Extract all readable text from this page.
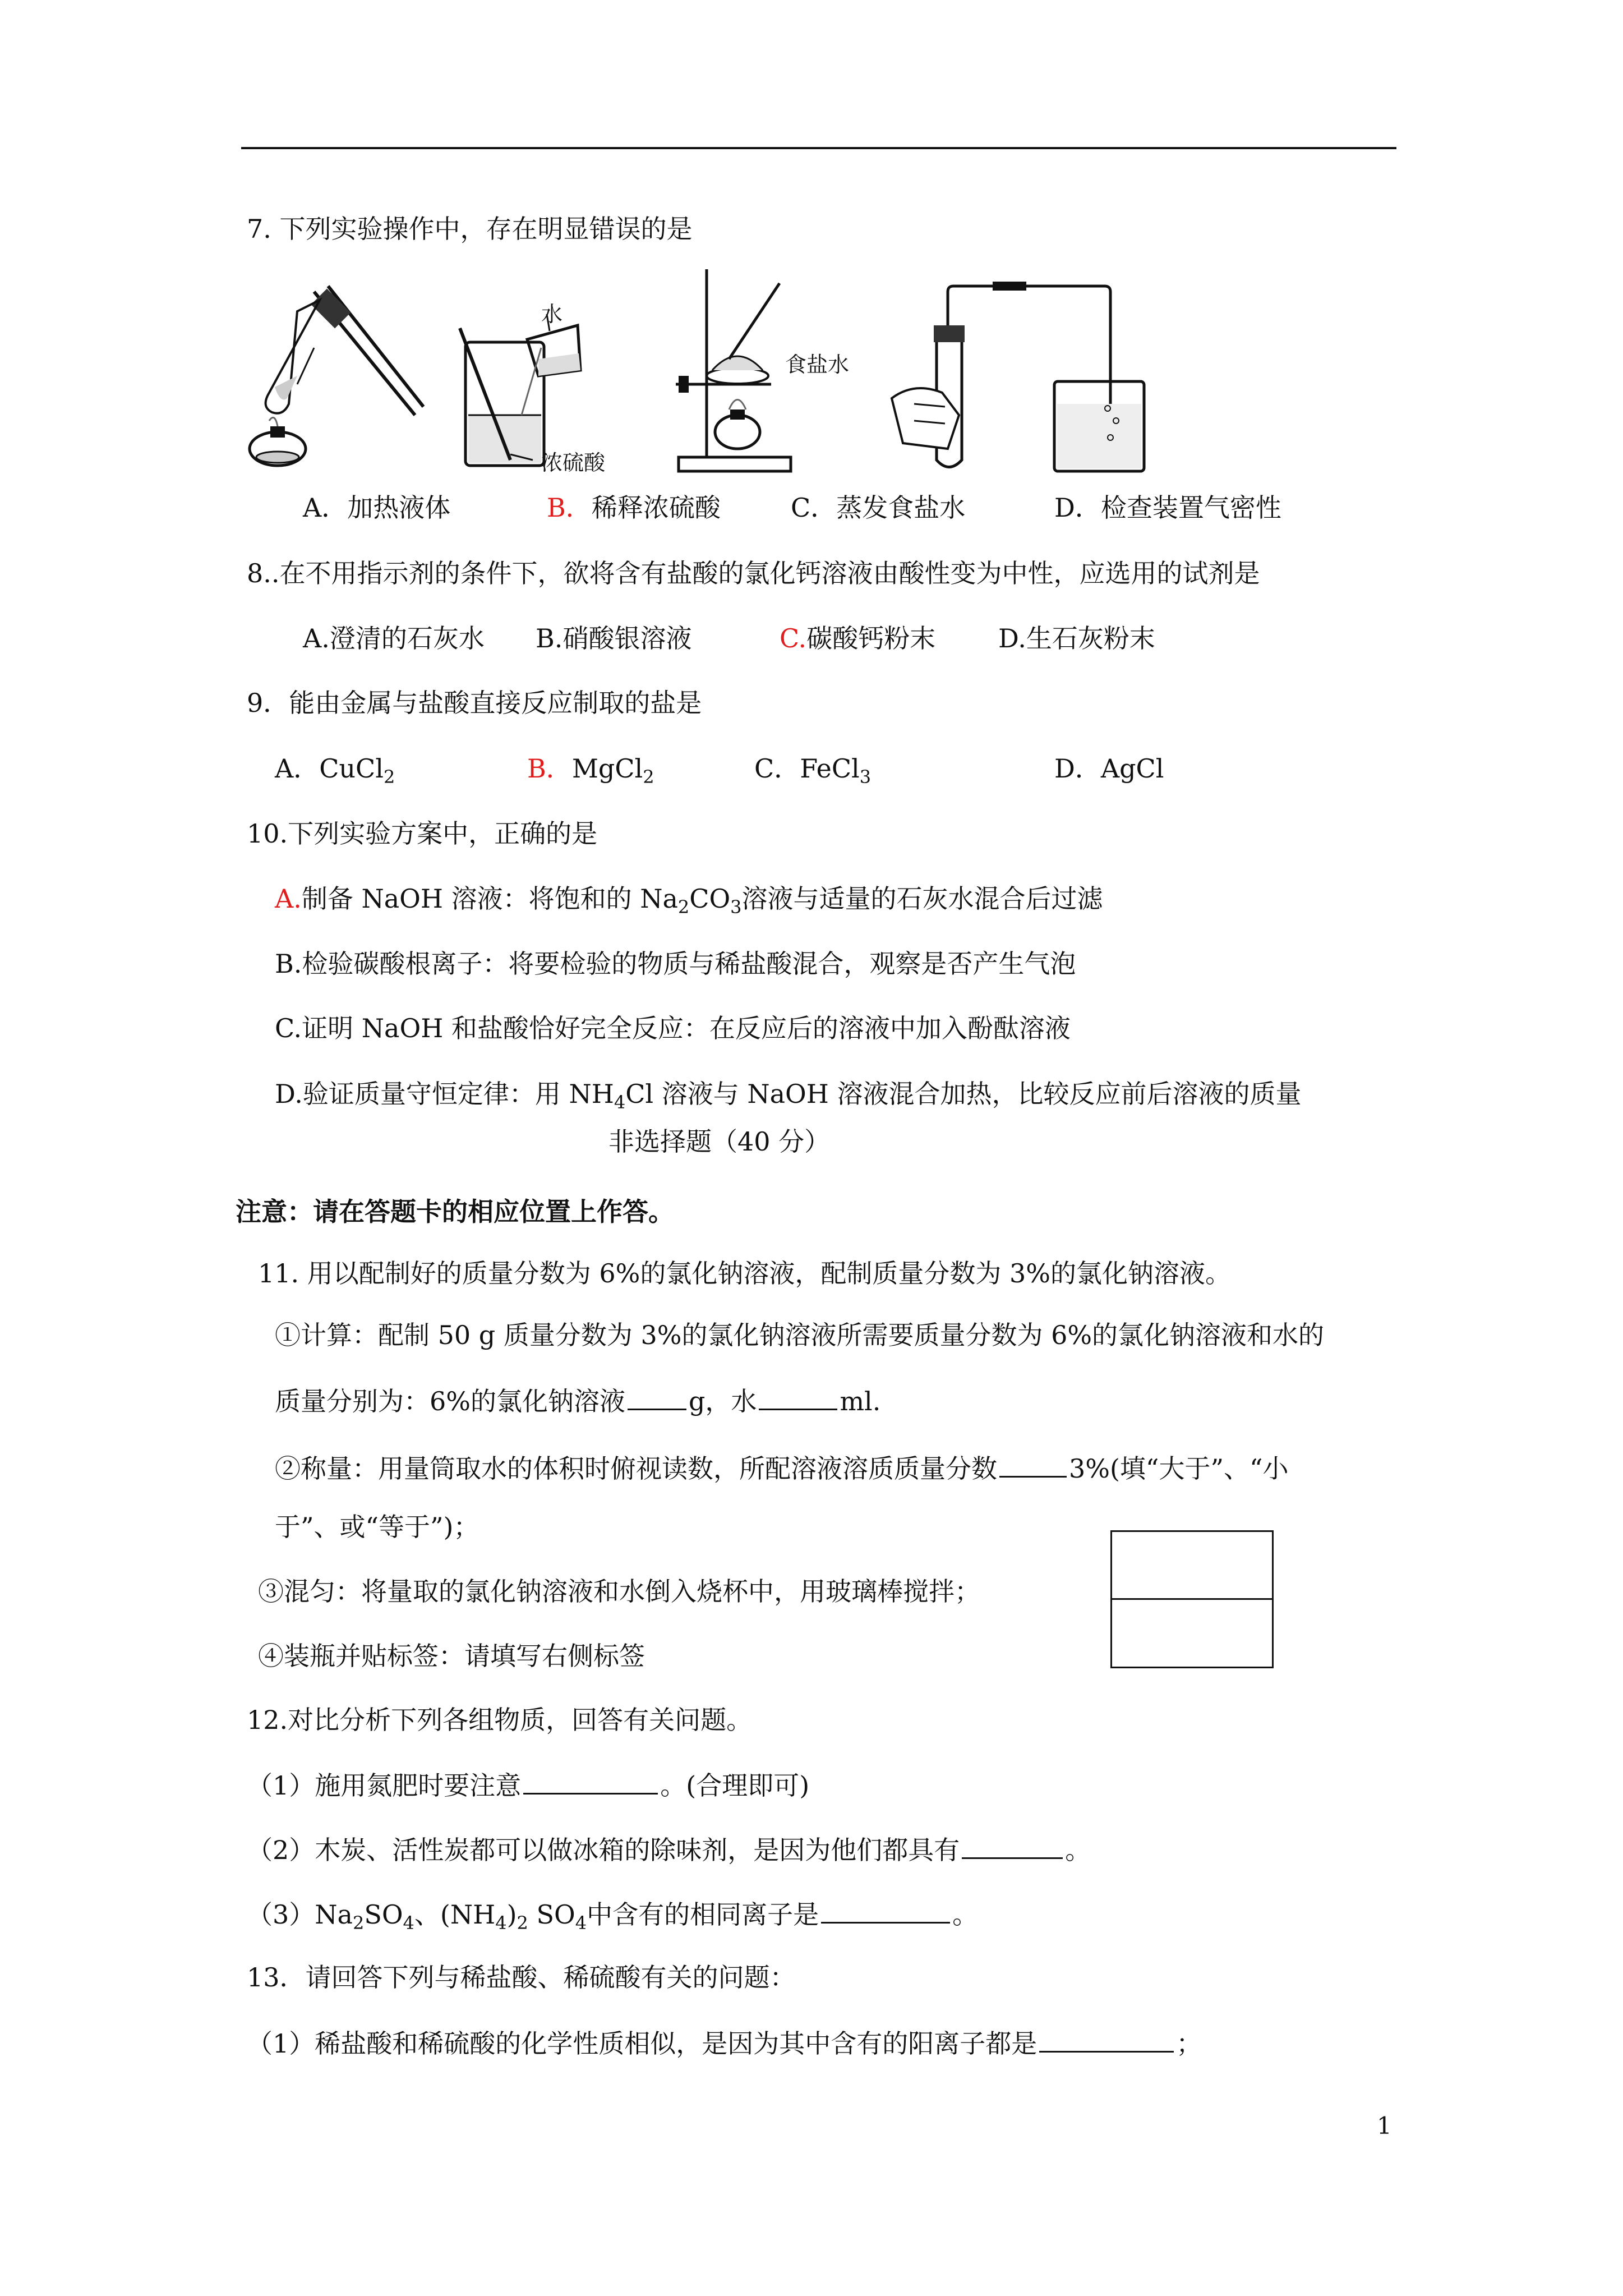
7. 下列实验操作中，存在明显错误的是
水
浓硫酸
食盐水
A．加热液体	B．稀释浓硫酸	C．蒸发食盐水	D．检查装置气密性
8..在不用指示剂的条件下，欲将含有盐酸的氯化钙溶液由酸性变为中性，应选用的试剂是
A.澄清的石灰水 B.硝酸银溶液	C.碳酸钙粉末 D.生石灰粉末
9．能由金属与盐酸直接反应制取的盐是
A．CuCl$_2$	B．MgCl$_2$	C．FeCl$_3$	D．AgCl
10.下列实验方案中，正确的是
A.制备 NaOH 溶液：将饱和的 $Na_2CO_3$溶液与适量的石灰水混合后过滤
B.检验碳酸根离子：将要检验的物质与稀盐酸混合，观察是否产生气泡
C.证明 NaOH 和盐酸恰好完全反应：在反应后的溶液中加入酚酞溶液
D.验证质量守恒定律：用 $NH_4Cl$ 溶液与 NaOH 溶液混合加热，比较反应前后溶液的质量
非选择题（40 分）
注意：请在答题卡的相应位置上作答。
11. 用以配制好的质量分数为 6%的氯化钠溶液，配制质量分数为 3%的氯化钠溶液。
①计算：配制 50 g 质量分数为 3%的氯化钠溶液所需要质量分数为 6%的氯化钠溶液和水的
质量分别为：6%的氯化钠溶液 g，水	ml.
②称量：用量筒取水的体积时俯视读数，所配溶液溶质质量分数	3%(填“大于”、“小
于”、或“等于”)；
③混匀：将量取的氯化钠溶液和水倒入烧杯中，用玻璃棒搅拌；
④装瓶并贴标签：请填写右侧标签
12.对比分析下列各组物质，回答有关问题。
（1）施用氮肥时要注意	。(合理即可)
（2）木炭、活性炭都可以做冰箱的除味剂，是因为他们都具有	。
$(3)Na_2SO_4$、$(NH_4)_2$ $SO_4$中含有的相同离子是	。
13．请回答下列与稀盐酸、稀硫酸有关的问题：
（1）稀盐酸和稀硫酸的化学性质相似，是因为其中含有的阳离子都是	；
1
